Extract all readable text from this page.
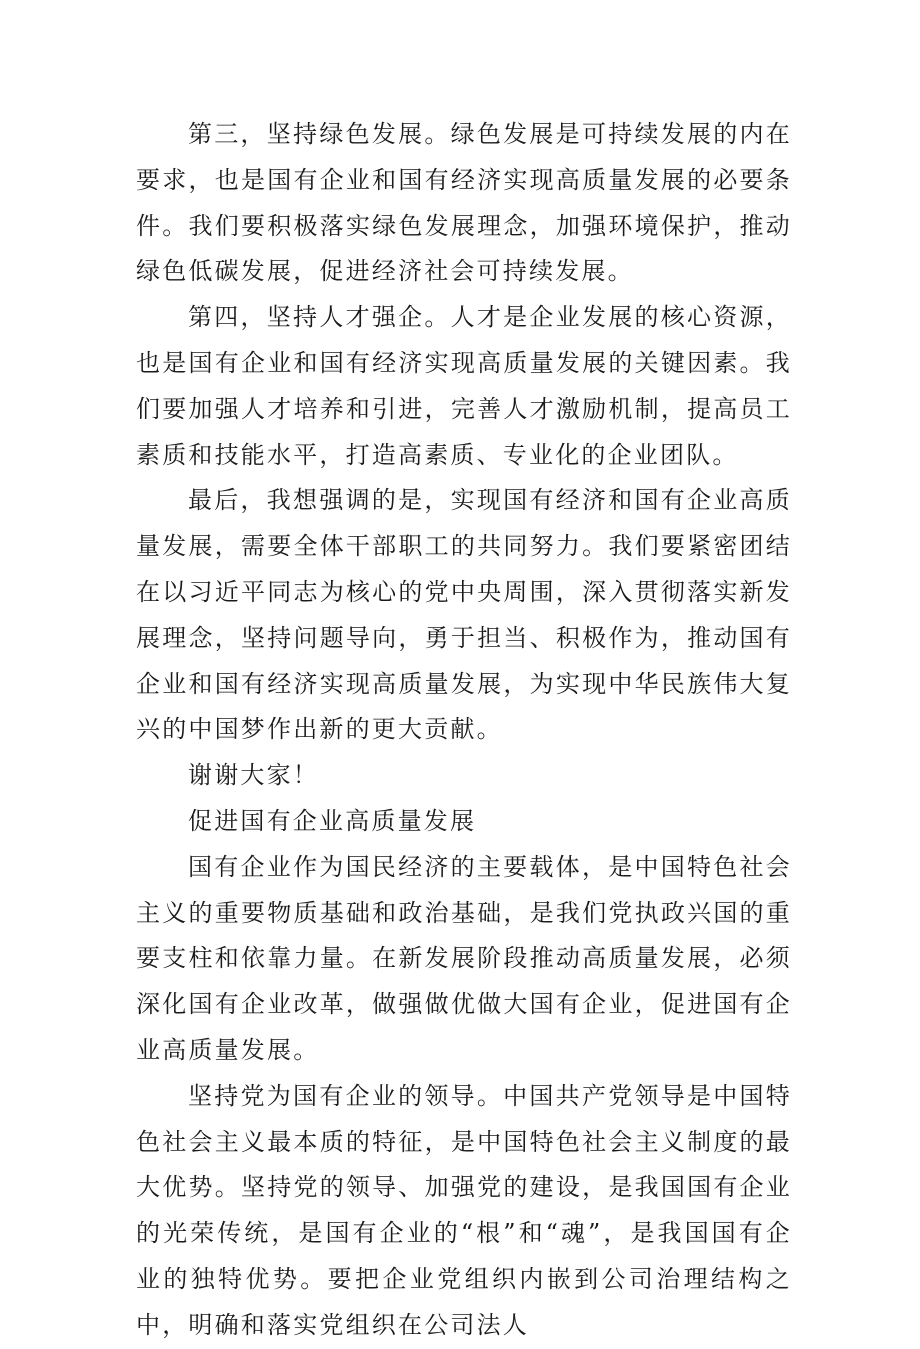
第三，坚持绿色发展。绿色发展是可持续发展的内在要求，也是国有企业和国有经济实现高质量发展的必要条件。我们要积极落实绿色发展理念，加强环境保护，推动绿色低碳发展，促进经济社会可持续发展。

第四，坚持人才强企。人才是企业发展的核心资源，也是国有企业和国有经济实现高质量发展的关键因素。我们要加强人才培养和引进，完善人才激励机制，提高员工素质和技能水平，打造高素质、专业化的企业团队。

最后，我想强调的是，实现国有经济和国有企业高质量发展，需要全体干部职工的共同努力。我们要紧密团结在以习近平同志为核心的党中央周围，深入贯彻落实新发展理念，坚持问题导向，勇于担当、积极作为，推动国有企业和国有经济实现高质量发展，为实现中华民族伟大复兴的中国梦作出新的更大贡献。

谢谢大家！

促进国有企业高质量发展

国有企业作为国民经济的主要载体，是中国特色社会主义的重要物质基础和政治基础，是我们党执政兴国的重要支柱和依靠力量。在新发展阶段推动高质量发展，必须深化国有企业改革，做强做优做大国有企业，促进国有企业高质量发展。

坚持党为国有企业的领导。中国共产党领导是中国特色社会主义最本质的特征，是中国特色社会主义制度的最大优势。坚持党的领导、加强党的建设，是我国国有企业的光荣传统，是国有企业的“根”和“魂”，是我国国有企业的独特优势。要把企业党组织内嵌到公司治理结构之中，明确和落实党组织在公司法人
